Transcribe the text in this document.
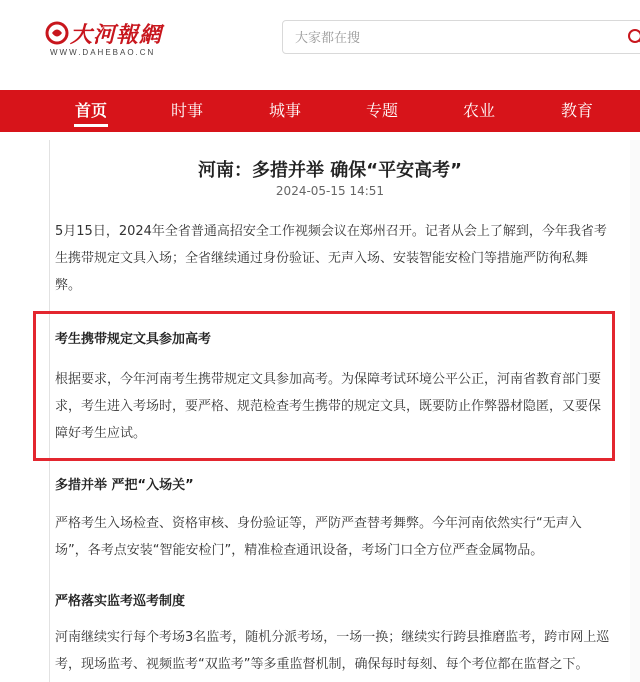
大河報網
WWW.DAHEBAO.CN
大家都在搜
首页	时事	城事	专题	农业	教育
河南：多措并举 确保“平安高考”
2024-05-15 14:51

5月15日，2024年全省普通高招安全工作视频会议在郑州召开。记者从会上了解到，今年我省考生携带规定文具入场；全省继续通过身份验证、无声入场、安装智能安检门等措施严防徇私舞弊。

考生携带规定文具参加高考

根据要求，今年河南考生携带规定文具参加高考。为保障考试环境公平公正，河南省教育部门要求，考生进入考场时，要严格、规范检查考生携带的规定文具，既要防止作弊器材隐匿，又要保障好考生应试。

多措并举 严把“入场关”

严格考生入场检查、资格审核、身份验证等，严防严查替考舞弊。今年河南依然实行“无声入场”，各考点安装“智能安检门”，精准检查通讯设备，考场门口全方位严查金属物品。

严格落实监考巡考制度

河南继续实行每个考场3名监考，随机分派考场，一场一换；继续实行跨县推磨监考，跨市网上巡考，现场监考、视频监考“双监考”等多重监督机制，确保每时每刻、每个考位都在监督之下。
